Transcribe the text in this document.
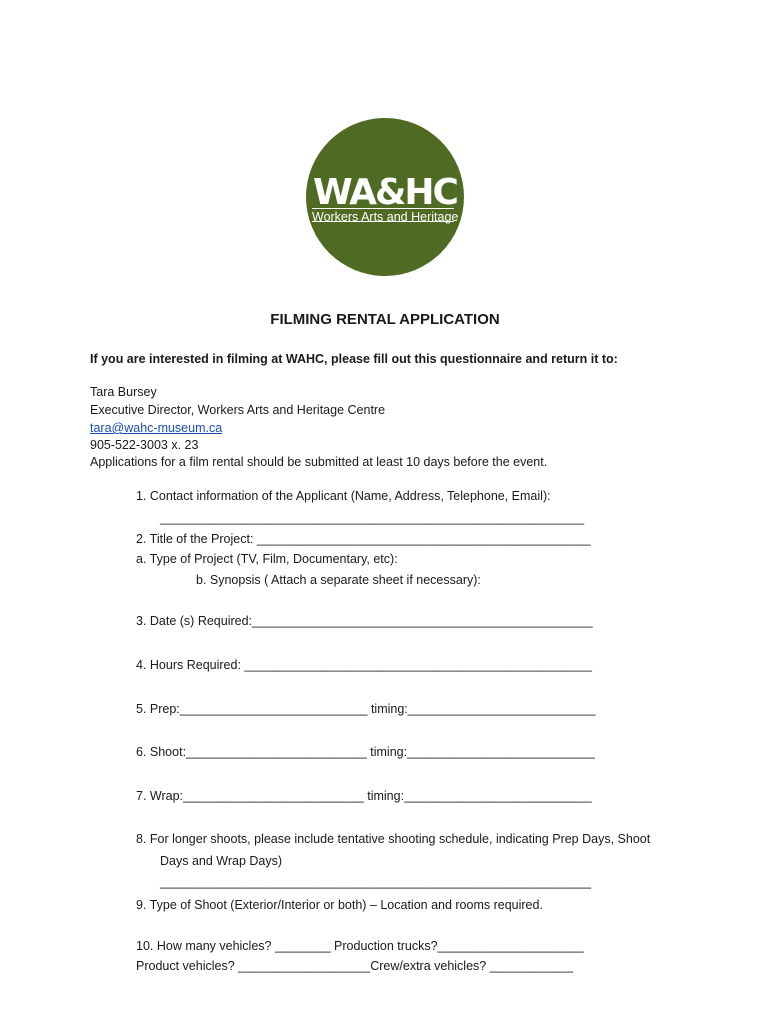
WA&HC
Workers Arts and Heritage Centre
FILMING RENTAL APPLICATION
If you are interested in filming at WAHC, please fill out this questionnaire and return it to:
Tara Bursey
Executive Director, Workers Arts and Heritage Centre
tara@wahc-museum.ca
905-522-3003 x. 23
Applications for a film rental should be submitted at least 10 days before the event.
1. Contact information of the Applicant (Name, Address, Telephone, Email):
_____________________________________________________________
2. Title of the Project: ________________________________________________
a. Type of Project (TV, Film, Documentary, etc):
b. Synopsis ( Attach a separate sheet if necessary):
3. Date (s) Required:_________________________________________________
4. Hours Required: __________________________________________________
5. Prep:___________________________ timing:___________________________
6. Shoot:__________________________ timing:___________________________
7. Wrap:__________________________ timing:___________________________
8. For longer shoots, please include tentative shooting schedule, indicating Prep Days, Shoot
Days and Wrap Days)
______________________________________________________________
9. Type of Shoot (Exterior/Interior or both) – Location and rooms required.
10. How many vehicles? ________ Production trucks?_____________________
Product vehicles? ___________________Crew/extra vehicles? ____________
